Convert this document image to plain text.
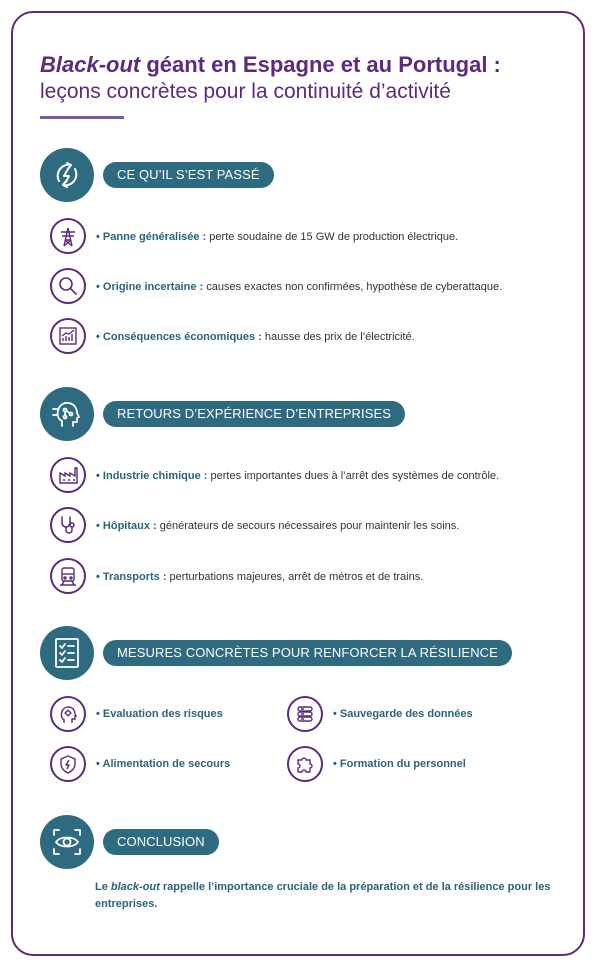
Black-out géant en Espagne et au Portugal :
leçons concrètes pour la continuité d’activité
CE QU’IL S’EST PASSÉ
• Panne généralisée : perte soudaine de 15 GW de production électrique.
• Origine incertaine : causes exactes non confirmées, hypothèse de cyberattaque.
• Conséquences économiques : hausse des prix de l’électricité.
RETOURS D’EXPÉRIENCE D’ENTREPRISES
• Industrie chimique : pertes importantes dues à l’arrêt des systèmes de contrôle.
• Hôpitaux : générateurs de secours nécessaires pour maintenir les soins.
• Transports : perturbations majeures, arrêt de métros et de trains.
MESURES CONCRÈTES POUR RENFORCER LA RÉSILIENCE
• Evaluation des risques	• Sauvegarde des données
• Alimentation de secours	• Formation du personnel
CONCLUSION
Le black-out rappelle l’importance cruciale de la préparation et de la résilience pour les entreprises.
